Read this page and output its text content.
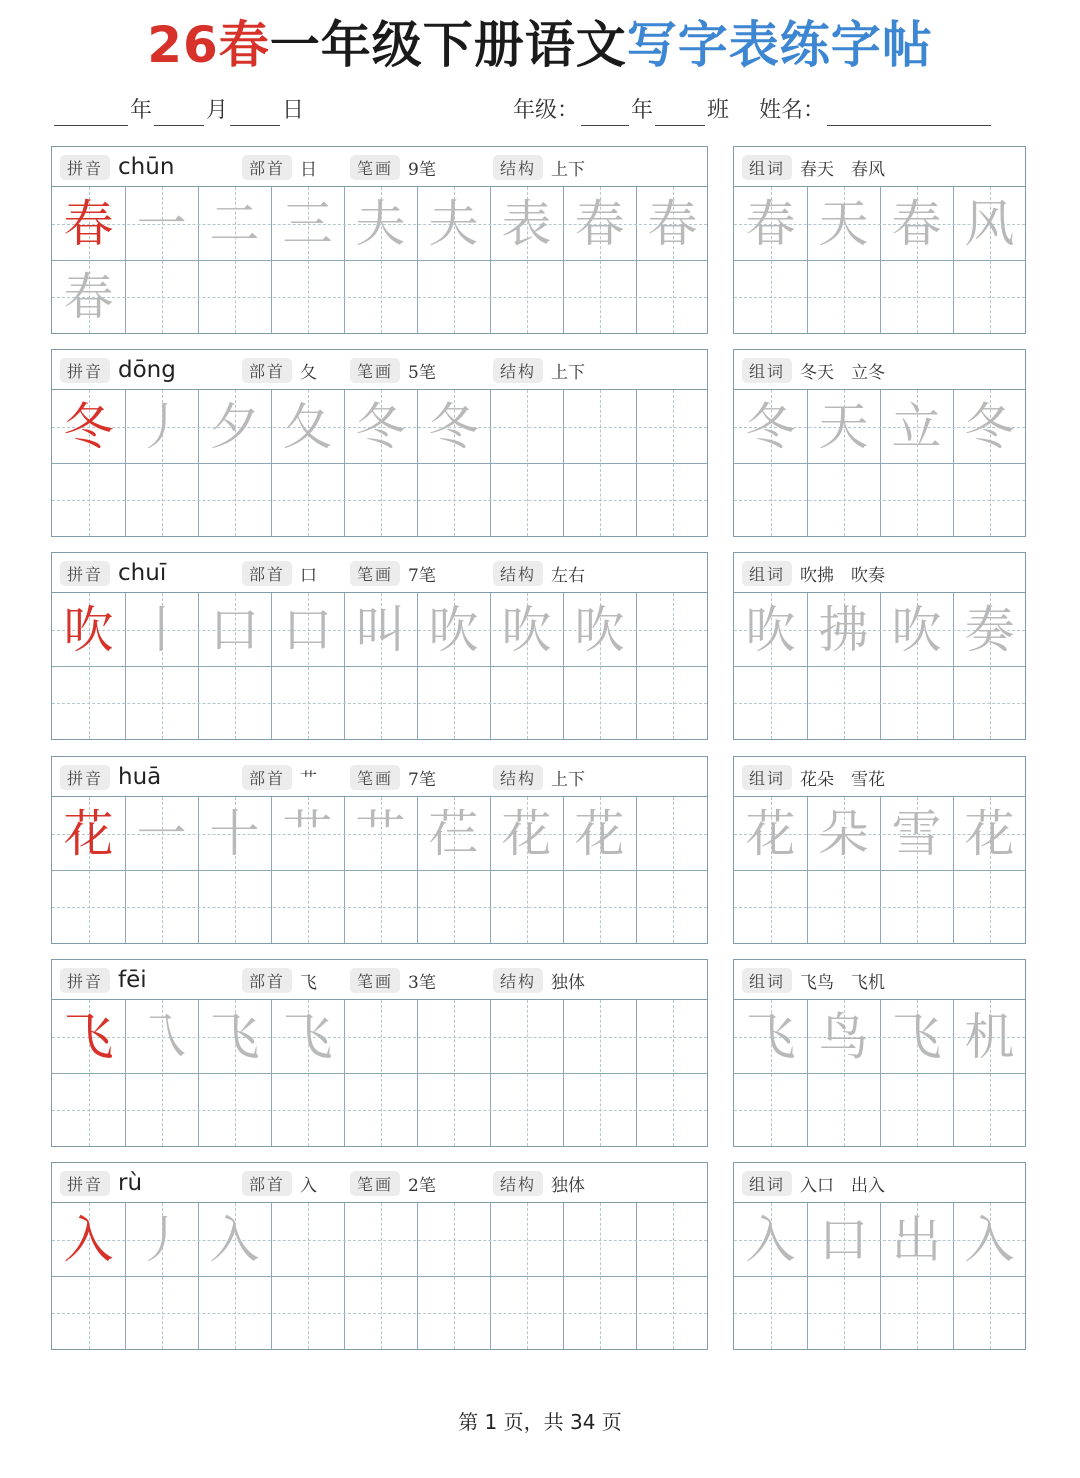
26春一年级下册语文写字表练字帖
年 月 日	年级： 年 班 姓名：
拼音 chūn	部首 日	笔画 9笔	结构 上下
春 一 二 三 夫 夫 表 春 春
春
组词 春天　春风
春 天 春 风
拼音 dōng	部首 夂	笔画 5笔	结构 上下
冬 丿 夕 夂 冬 冬
组词 冬天　立冬
冬 天 立 冬
拼音 chuī	部首 口	笔画 7笔	结构 左右
吹 丨 口 口 叫 吹 吹 吹
组词 吹拂　吹奏
吹 拂 吹 奏
拼音 huā	部首 艹	笔画 7笔	结构 上下
花 一 十 艹 艹 芢 花 花
组词 花朵　雪花
花 朵 雪 花
拼音 fēi	部首 飞	笔画 3笔	结构 独体
飞 乁 飞 飞
组词 飞鸟　飞机
飞 鸟 飞 机
拼音 rù	部首 入	笔画 2笔	结构 独体
入 丿 入
组词 入口　出入
入 口 出 入
第 1 页，共 34 页
